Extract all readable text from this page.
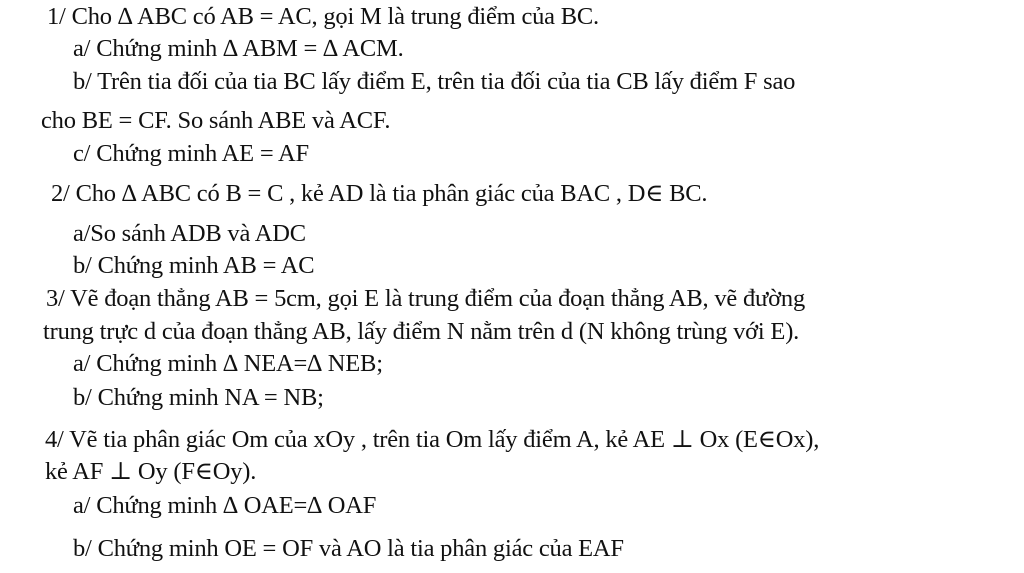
1/ Cho ∆ ABC có AB = AC, gọi M là trung điểm của BC.
a/ Chứng minh ∆ ABM = ∆ ACM.
b/ Trên tia đối của tia BC lấy điểm E, trên tia đối của tia CB lấy điểm F sao
cho BE = CF. So sánh ABE và ACF.
c/ Chứng minh AE = AF
2/ Cho ∆ ABC có B = C , kẻ AD là tia phân giác của BAC , D∈ BC.
a/So sánh ADB và ADC
b/ Chứng minh AB = AC
3/ Vẽ đoạn thẳng AB = 5cm, gọi E là trung điểm của đoạn thẳng AB, vẽ đường
trung trực d của đoạn thẳng AB, lấy điểm N nằm trên d (N không trùng với E).
a/ Chứng minh ∆ NEA=∆ NEB;
b/ Chứng minh NA = NB;
4/ Vẽ tia phân giác Om của xOy , trên tia Om lấy điểm A, kẻ AE ⊥ Ox (E∈Ox),
kẻ AF ⊥ Oy (F∈Oy).
a/ Chứng minh ∆ OAE=∆ OAF
b/ Chứng minh OE = OF và AO là tia phân giác của EAF
